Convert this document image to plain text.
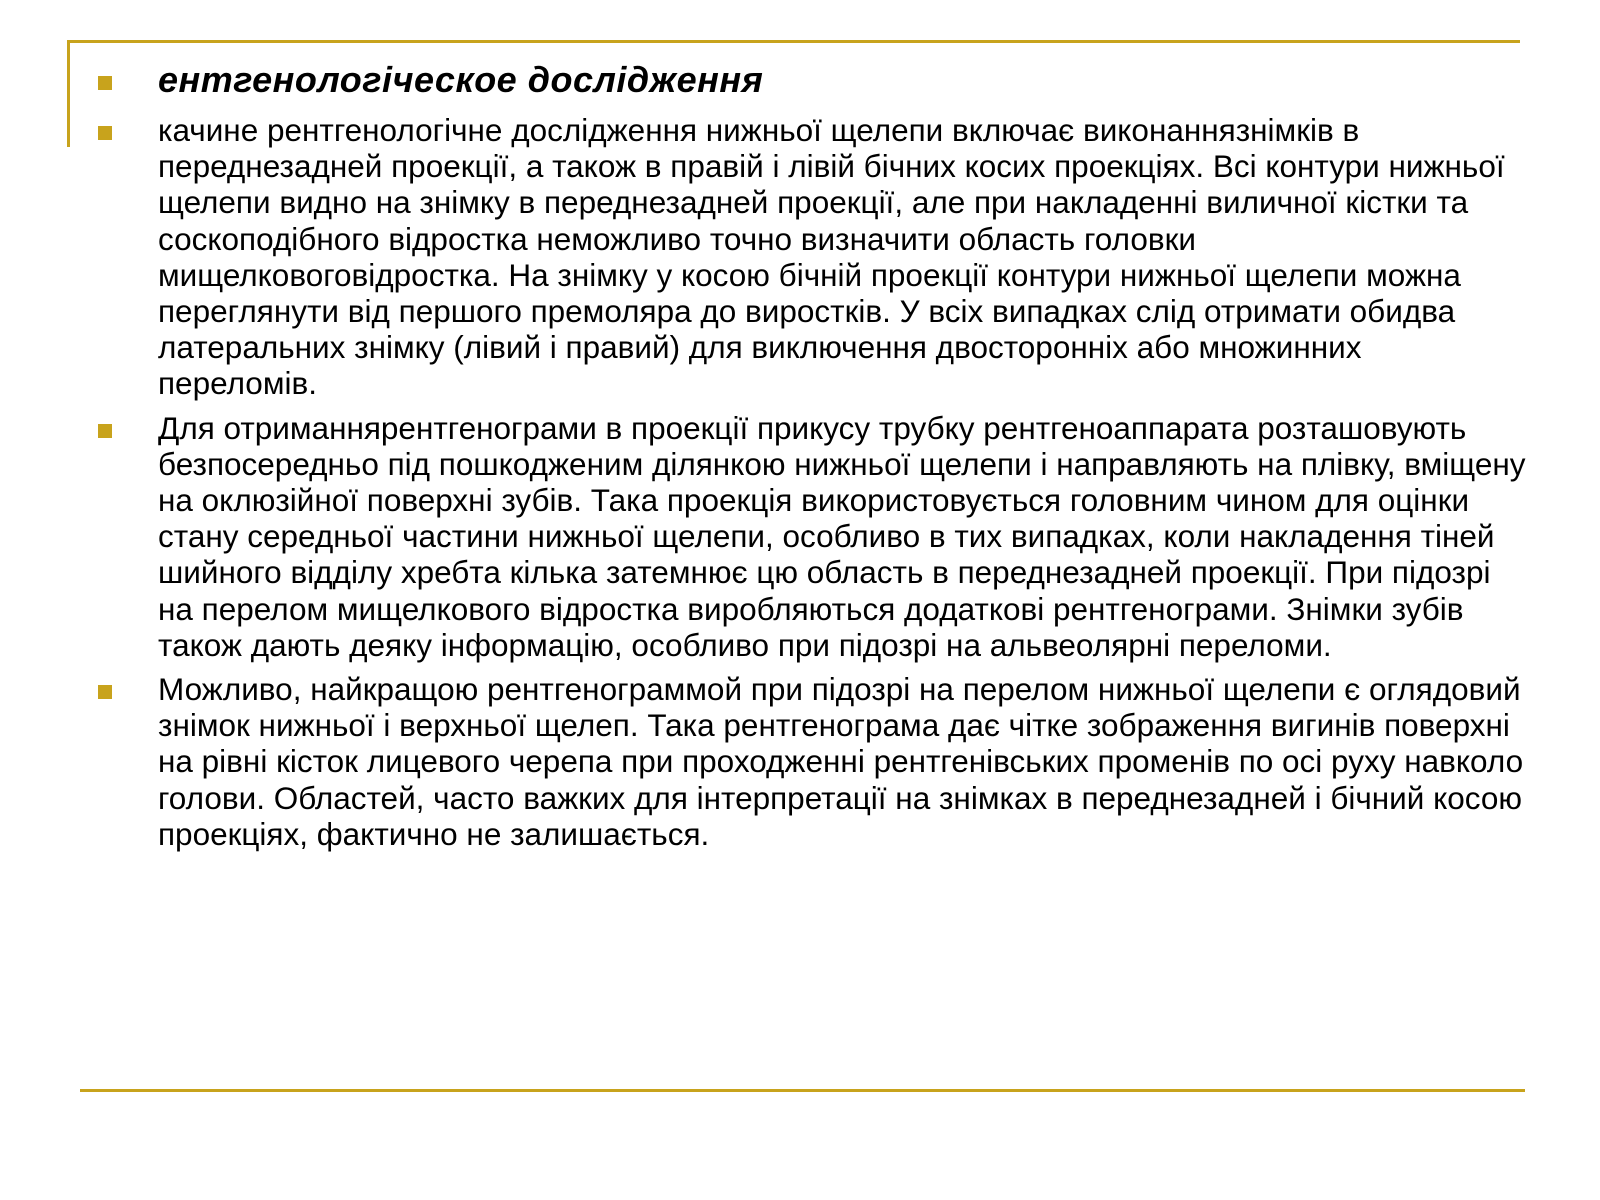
ентгенологіческое дослідження
качине рентгенологічне дослідження нижньої щелепи включає виконаннязнімків в переднезадней проекції, а також в правій і лівій бічних косих проекціях. Всі контури нижньої щелепи видно на знімку в переднезадней проекції, але при накладенні виличної кістки та соскоподібного відростка неможливо точно визначити область головки мищелковоговідростка. На знімку у косою бічній проекції контури нижньої щелепи можна переглянути від першого премоляра до виростків. У всіх випадках слід отримати обидва латеральних знімку (лівий і правий) для виключення двосторонніх або множинних переломів.
Для отриманнярентгенограми в проекції прикусу трубку рентгеноаппарата розташовують безпосередньо під пошкодженим ділянкою нижньої щелепи і направляють на плівку, вміщену на оклюзійної поверхні зубів. Така проекція використовується головним чином для оцінки стану середньої частини нижньої щелепи, особливо в тих випадках, коли накладення тіней шийного відділу хребта кілька затемнює цю область в переднезадней проекції. При підозрі на перелом мищелкового відростка виробляються додаткові рентгенограми. Знімки зубів також дають деяку інформацію, особливо при підозрі на альвеолярні переломи.
Можливо, найкращою рентгенограммой при підозрі на перелом нижньої щелепи є оглядовий знімок нижньої і верхньої щелеп. Така рентгенограма дає чітке зображення вигинів поверхні на рівні кісток лицевого черепа при проходженні рентгенівських променів по осі руху навколо голови. Областей, часто важких для інтерпретації на знімках в переднезадней і бічний косою проекціях, фактично не залишається.
